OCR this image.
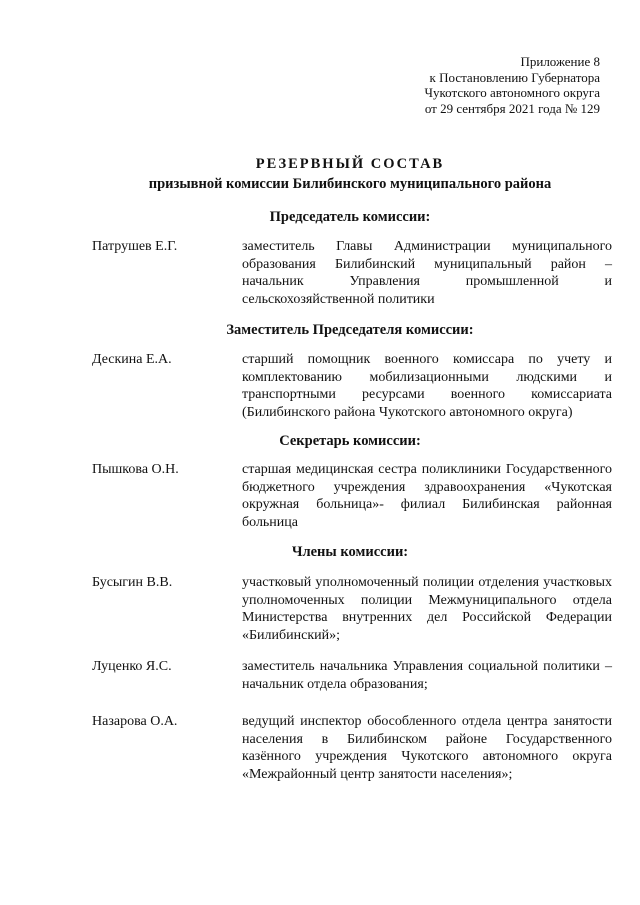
Приложение 8
к Постановлению Губернатора
Чукотского автономного округа
от 29 сентября 2021 года № 129
РЕЗЕРВНЫЙ СОСТАВ
призывной комиссии Билибинского муниципального района
Председатель комиссии:
Патрушев Е.Г.	заместитель Главы Администрации муниципального образования Билибинский муниципальный район – начальник Управления промышленной и сельскохозяйственной политики
Заместитель Председателя комиссии:
Дескина Е.А.	старший помощник военного комиссара по учету и комплектованию мобилизационными людскими и транспортными ресурсами военного комиссариата (Билибинского района Чукотского автономного округа)
Секретарь комиссии:
Пышкова О.Н.	старшая медицинская сестра поликлиники Государственного бюджетного учреждения здравоохранения «Чукотская окружная больница»- филиал Билибинская районная больница
Члены комиссии:
Бусыгин В.В.	участковый уполномоченный полиции отделения участковых уполномоченных полиции Межмуниципального отдела Министерства внутренних дел Российской Федерации «Билибинский»;
Луценко Я.С.	заместитель начальника Управления социальной политики – начальник отдела образования;
Назарова О.А.	ведущий инспектор обособленного отдела центра занятости населения в Билибинском районе Государственного казённого учреждения Чукотского автономного округа «Межрайонный центр занятости населения»;
